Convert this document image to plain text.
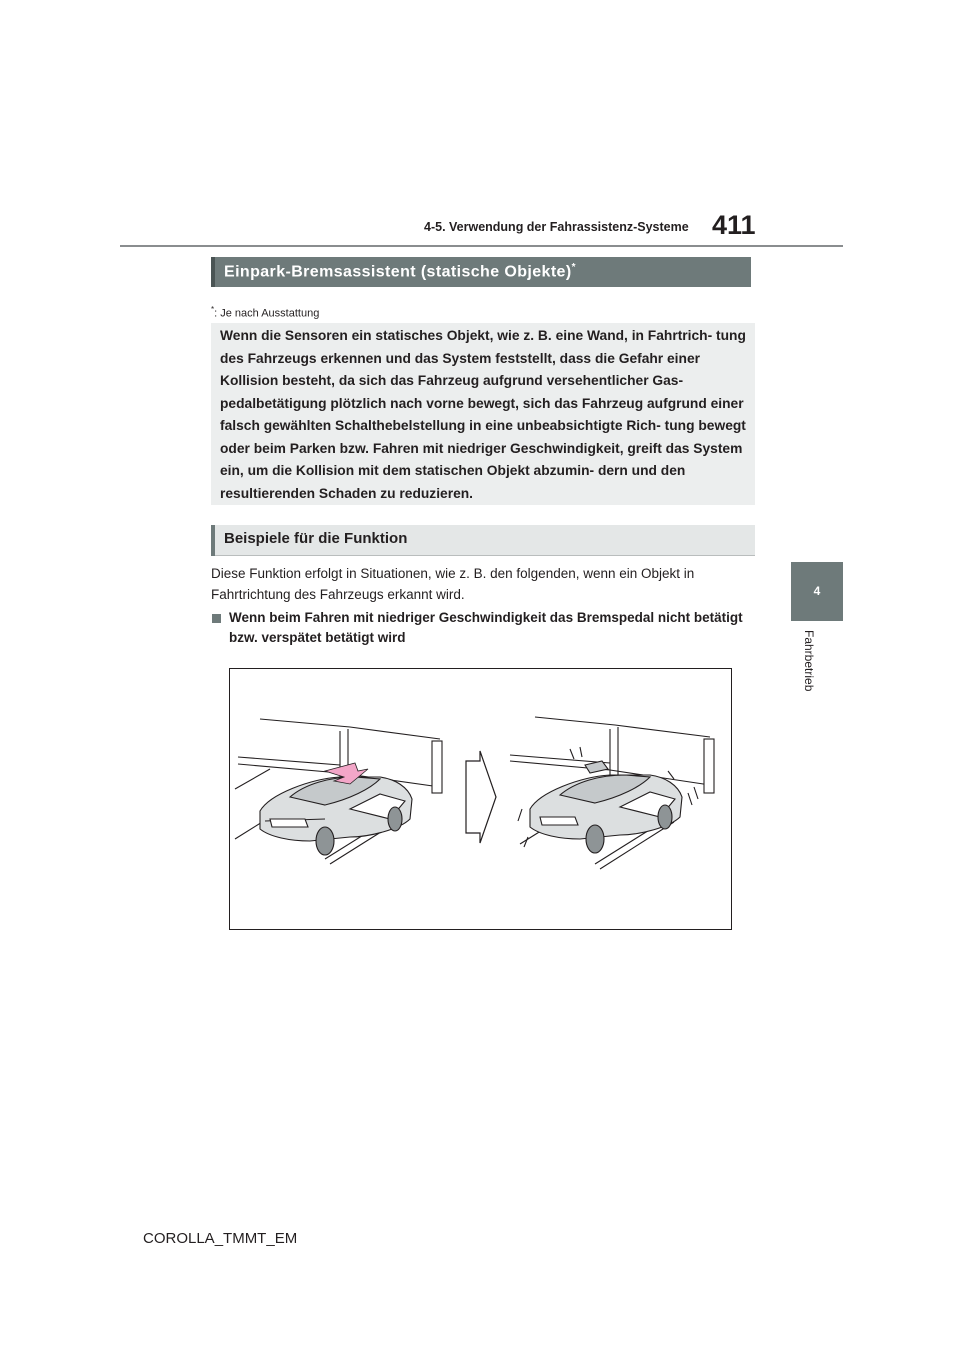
411
4-5. Verwendung der Fahrassistenz-Systeme
4
Fahrbetrieb
Einpark-Bremsassistent (statische Objekte)*
*: Je nach Ausstattung
Wenn die Sensoren ein statisches Objekt, wie z. B. eine Wand, in Fahrtrich- tung des Fahrzeugs erkennen und das System feststellt, dass die Gefahr einer Kollision besteht, da sich das Fahrzeug aufgrund versehentlicher Gas- pedalbetätigung plötzlich nach vorne bewegt, sich das Fahrzeug aufgrund einer falsch gewählten Schalthebelstellung in eine unbeabsichtigte Rich- tung bewegt oder beim Parken bzw. Fahren mit niedriger Geschwindigkeit, greift das System ein, um die Kollision mit dem statischen Objekt abzumin- dern und den resultierenden Schaden zu reduzieren.
Beispiele für die Funktion
Diese Funktion erfolgt in Situationen, wie z. B. den folgenden, wenn ein Objekt in Fahrtrichtung des Fahrzeugs erkannt wird.
Wenn beim Fahren mit niedriger Geschwindigkeit das Bremspedal nicht betätigt bzw. verspätet betätigt wird
COROLLA_TMMT_EM
